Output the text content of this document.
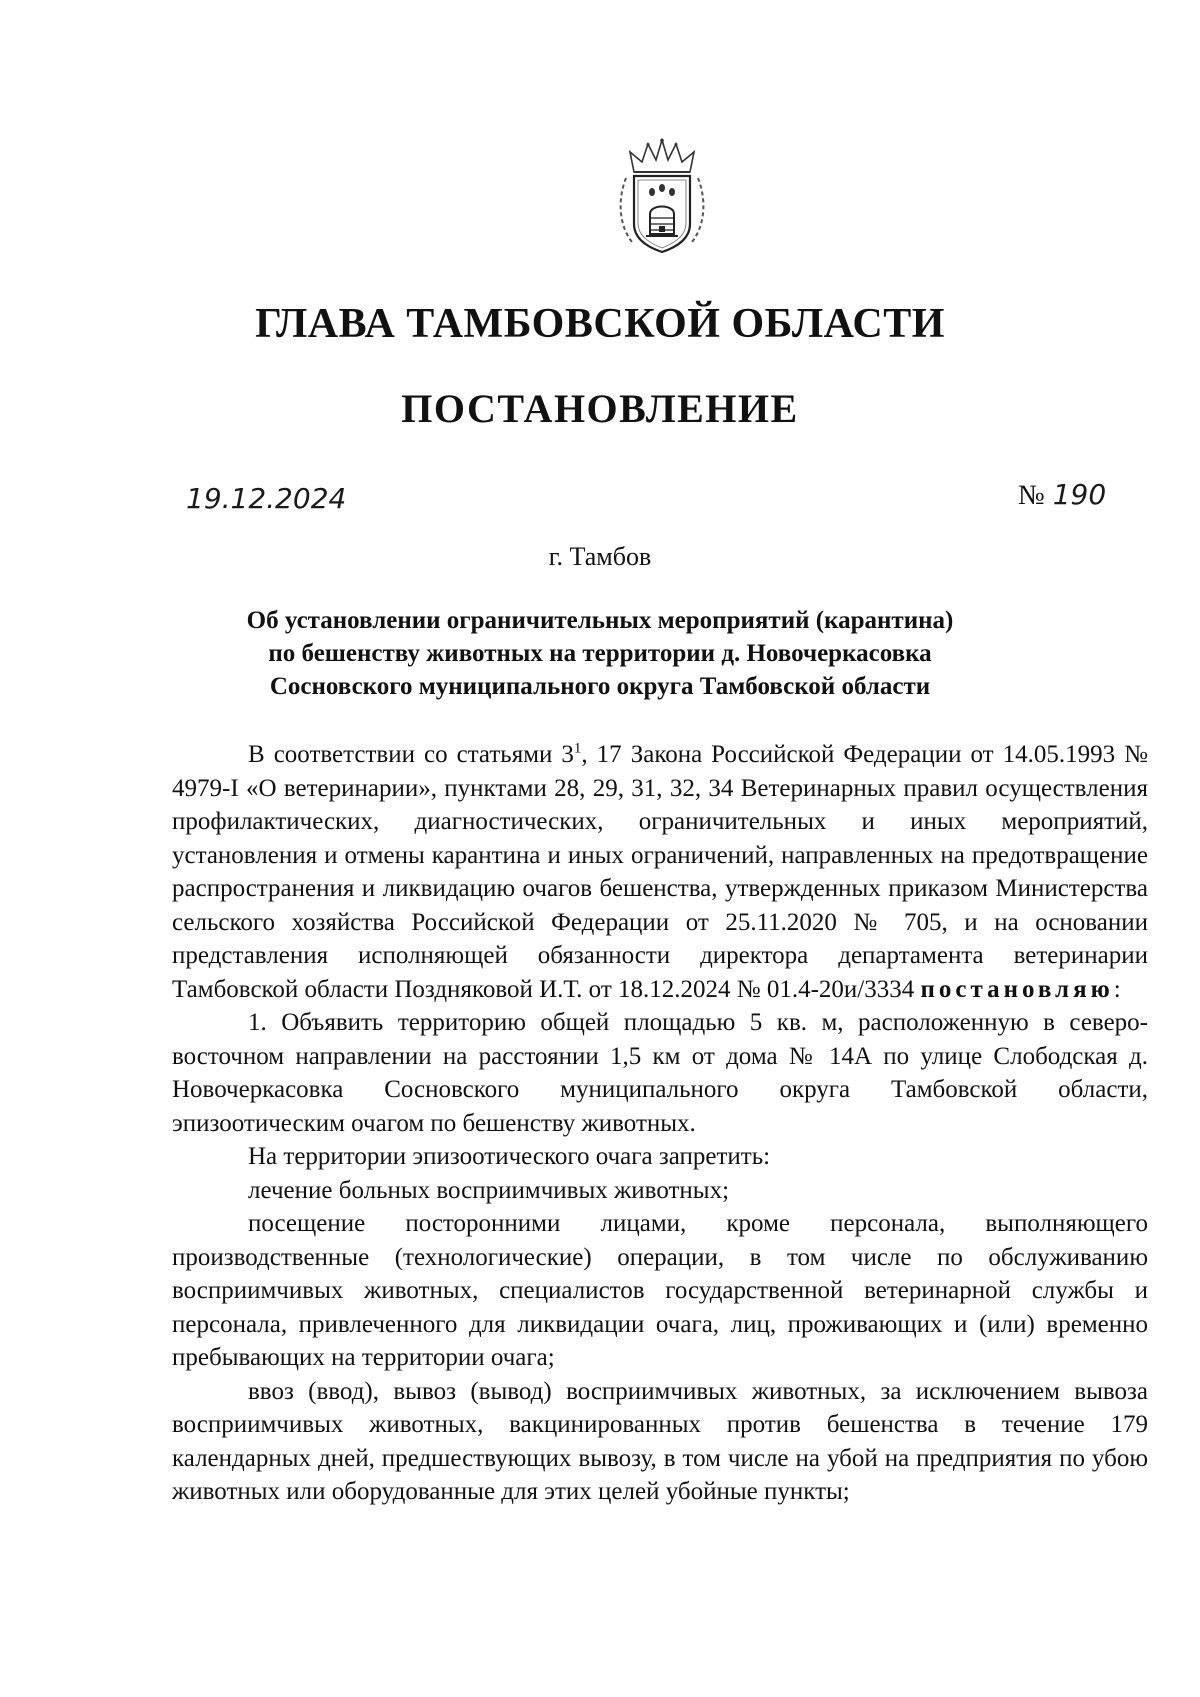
ГЛАВА ТАМБОВСКОЙ ОБЛАСТИ
ПОСТАНОВЛЕНИЕ
19.12.2024	№ 190
г. Тамбов
Об установлении ограничительных мероприятий (карантина)
по бешенству животных на территории д. Новочеркасовка
Сосновского муниципального округа Тамбовской области

В соответствии со статьями $3^1$, 17 Закона Российской Федерации от 14.05.1993 № 4979-I «О ветеринарии», пунктами 28, 29, 31, 32, 34 Ветеринарных правил осуществления профилактических, диагностических, ограничительных и иных мероприятий, установления и отмены карантина и иных ограничений, направленных на предотвращение распространения и ликвидацию очагов бешенства, утвержденных приказом Министерства сельского хозяйства Российской Федерации от 25.11.2020 № 705, и на основании представления исполняющей обязанности директора департамента ветеринарии Тамбовской области Поздняковой И.Т. от 18.12.2024 № 01.4-20и/3334 постановляю:

1. Объявить территорию общей площадью 5 кв. м, расположенную в северо-восточном направлении на расстоянии 1,5 км от дома № 14А по улице Слободская д. Новочеркасовка Сосновского муниципального округа Тамбовской области, эпизоотическим очагом по бешенству животных.

На территории эпизоотического очага запретить:

лечение больных восприимчивых животных;

посещение посторонними лицами, кроме персонала, выполняющего производственные (технологические) операции, в том числе по обслуживанию восприимчивых животных, специалистов государственной ветеринарной службы и персонала, привлеченного для ликвидации очага, лиц, проживающих и (или) временно пребывающих на территории очага;

ввоз (ввод), вывоз (вывод) восприимчивых животных, за исключением вывоза восприимчивых животных, вакцинированных против бешенства в течение 179 календарных дней, предшествующих вывозу, в том числе на убой на предприятия по убою животных или оборудованные для этих целей убойные пункты;
